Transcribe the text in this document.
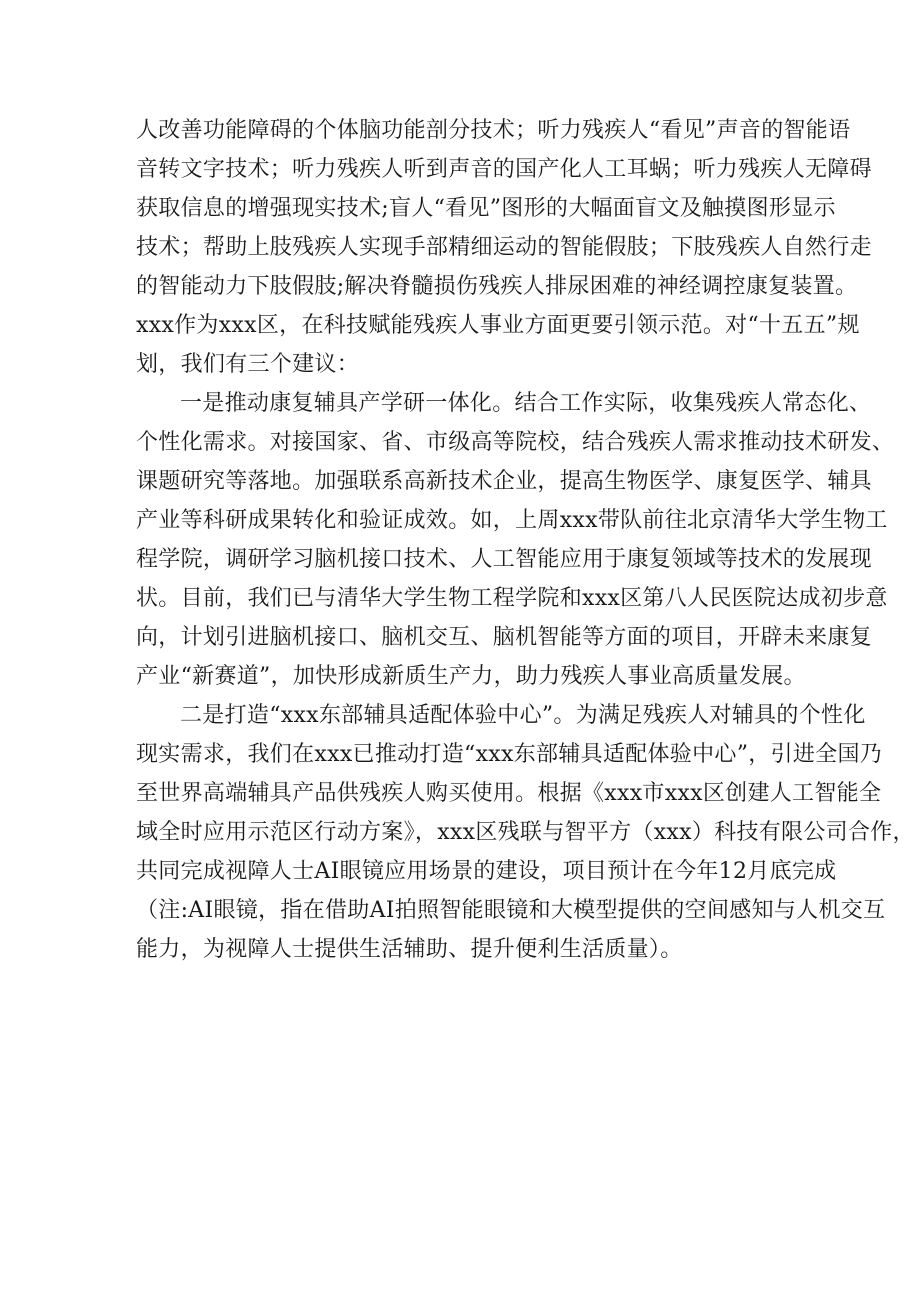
人改善功能障碍的个体脑功能剖分技术；听力残疾人“看见”声音的智能语
音转文字技术；听力残疾人听到声音的国产化人工耳蜗；听力残疾人无障碍
获取信息的增强现实技术;盲人“看见”图形的大幅面盲文及触摸图形显示
技术；帮助上肢残疾人实现手部精细运动的智能假肢；下肢残疾人自然行走
的智能动力下肢假肢;解决脊髓损伤残疾人排尿困难的神经调控康复装置。
xxx作为xxx区，在科技赋能残疾人事业方面更要引领示范。对“十五五”规
划，我们有三个建议：
一是推动康复辅具产学研一体化。结合工作实际，收集残疾人常态化、
个性化需求。对接国家、省、市级高等院校，结合残疾人需求推动技术研发、
课题研究等落地。加强联系高新技术企业，提高生物医学、康复医学、辅具
产业等科研成果转化和验证成效。如，上周xxx带队前往北京清华大学生物工
程学院，调研学习脑机接口技术、人工智能应用于康复领域等技术的发展现
状。目前，我们已与清华大学生物工程学院和xxx区第八人民医院达成初步意
向，计划引进脑机接口、脑机交互、脑机智能等方面的项目，开辟未来康复
产业“新赛道”，加快形成新质生产力，助力残疾人事业高质量发展。
二是打造“xxx东部辅具适配体验中心”。为满足残疾人对辅具的个性化
现实需求，我们在xxx已推动打造“xxx东部辅具适配体验中心”，引进全国乃
至世界高端辅具产品供残疾人购买使用。根据《xxx市xxx区创建人工智能全
域全时应用示范区行动方案》，xxx区残联与智平方（xxx）科技有限公司合作，
共同完成视障人士AI眼镜应用场景的建设，项目预计在今年12月底完成
（注:AI眼镜，指在借助AI拍照智能眼镜和大模型提供的空间感知与人机交互
能力，为视障人士提供生活辅助、提升便利生活质量）。
